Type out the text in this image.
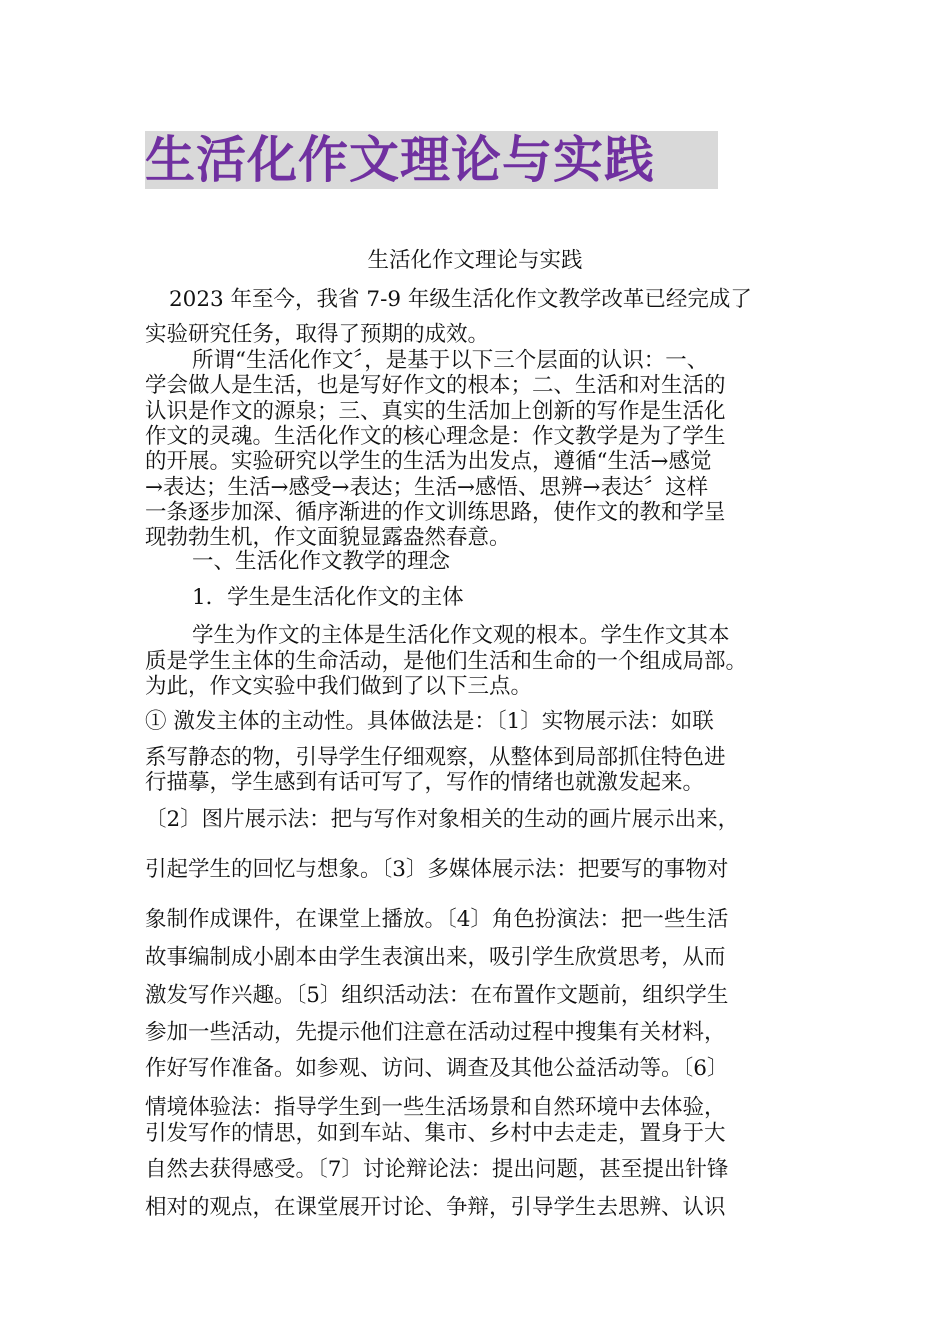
生活化作文理论与实践
生活化作文理论与实践
2023 年至今，我省 7-9 年级生活化作文教学改革已经完成了
实验研究任务，取得了预期的成效。
所谓“生活化作文〞，是基于以下三个层面的认识：一、
学会做人是生活，也是写好作文的根本；二、生活和对生活的
认识是作文的源泉；三、真实的生活加上创新的写作是生活化
作文的灵魂。生活化作文的核心理念是：作文教学是为了学生
的开展。实验研究以学生的生活为出发点，遵循“生活→感觉
→表达；生活→感受→表达；生活→感悟、思辨→表达〞这样
一条逐步加深、循序渐进的作文训练思路，使作文的教和学呈
现勃勃生机，作文面貌显露盎然春意。
一、生活化作文教学的理念
1．学生是生活化作文的主体
学生为作文的主体是生活化作文观的根本。学生作文其本
质是学生主体的生命活动，是他们生活和生命的一个组成局部。
为此，作文实验中我们做到了以下三点。
① 激发主体的主动性。具体做法是：〔1〕实物展示法：如联
系写静态的物，引导学生仔细观察，从整体到局部抓住特色进
行描摹，学生感到有话可写了，写作的情绪也就激发起来。
〔2〕图片展示法：把与写作对象相关的生动的画片展示出来，
引起学生的回忆与想象。〔3〕多媒体展示法：把要写的事物对
象制作成课件，在课堂上播放。〔4〕角色扮演法：把一些生活
故事编制成小剧本由学生表演出来，吸引学生欣赏思考，从而
激发写作兴趣。〔5〕组织活动法：在布置作文题前，组织学生
参加一些活动，先提示他们注意在活动过程中搜集有关材料，
作好写作准备。如参观、访问、调查及其他公益活动等。〔6〕
情境体验法：指导学生到一些生活场景和自然环境中去体验，
引发写作的情思，如到车站、集市、乡村中去走走，置身于大
自然去获得感受。〔7〕讨论辩论法：提出问题，甚至提出针锋
相对的观点，在课堂展开讨论、争辩，引导学生去思辨、认识
